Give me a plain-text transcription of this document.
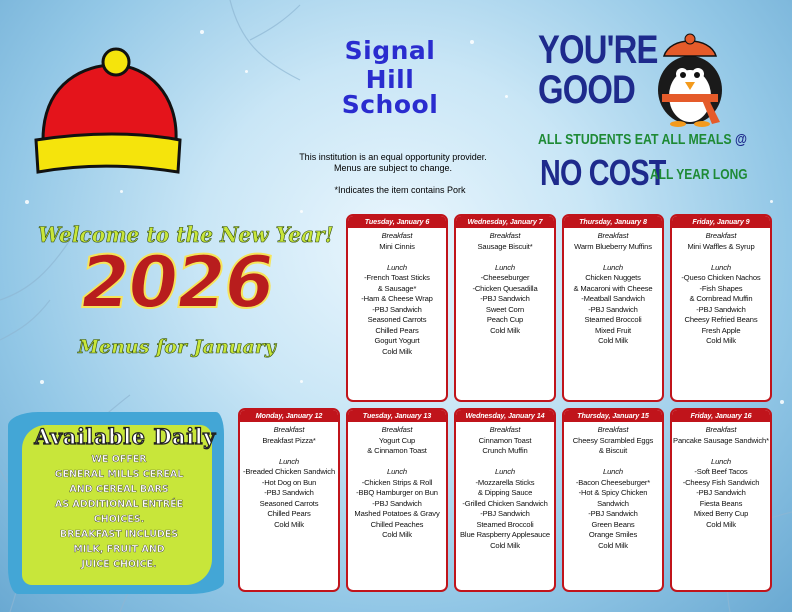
Signal Hill
School
This institution is an equal opportunity provider.
Menus are subject to change.
*Indicates the item contains Pork
YOU'RE
GOOD
ALL STUDENTS EAT ALL MEALS @
NO COST
ALL YEAR LONG
Welcome to the New Year!
2026
Menus for January
Available Daily
WE OFFER
GENERAL MILLS CEREAL
AND CEREAL BARS
AS ADDITIONAL ENTRÉE
CHOICES.
BREAKFAST INCLUDES
MILK, FRUIT AND
JUICE CHOICE.
Tuesday, January 6
Breakfast
Mini Cinnis
Lunch
-French Toast Sticks
& Sausage*
-Ham & Cheese Wrap
-PBJ Sandwich
Seasoned Carrots
Chilled Pears
Gogurt Yogurt
Cold Milk
Wednesday, January 7
Breakfast
Sausage Biscuit*
Lunch
-Cheeseburger
-Chicken Quesadilla
-PBJ Sandwich
Sweet Corn
Peach Cup
Cold Milk
Thursday, January 8
Breakfast
Warm Blueberry Muffins
Lunch
Chicken Nuggets
& Macaroni with Cheese
-Meatball Sandwich
-PBJ Sandwich
Steamed Broccoli
Mixed Fruit
Cold Milk
Friday, January 9
Breakfast
Mini Waffles & Syrup
Lunch
-Queso Chicken Nachos
-Fish Shapes
& Cornbread Muffin
-PBJ Sandwich
Cheesy Refried Beans
Fresh Apple
Cold Milk
Monday, January 12
Breakfast
Breakfast Pizza*
Lunch
-Breaded Chicken Sandwich
-Hot Dog on Bun
-PBJ Sandwich
Seasoned Carrots
Chilled Pears
Cold Milk
Tuesday, January 13
Breakfast
Yogurt Cup
& Cinnamon Toast
Lunch
-Chicken Strips & Roll
-BBQ Hamburger on Bun
-PBJ Sandwich
Mashed Potatoes & Gravy
Chilled Peaches
Cold Milk
Wednesday, January 14
Breakfast
Cinnamon Toast
Crunch Muffin
Lunch
-Mozzarella Sticks
& Dipping Sauce
-Grilled Chicken Sandwich
-PBJ Sandwich
Steamed Broccoli
Blue Raspberry Applesauce
Cold Milk
Thursday, January 15
Breakfast
Cheesy Scrambled Eggs
& Biscuit
Lunch
-Bacon Cheeseburger*
-Hot & Spicy Chicken
Sandwich
-PBJ Sandwich
Green Beans
Orange Smiles
Cold Milk
Friday, January 16
Breakfast
Pancake Sausage Sandwich*
Lunch
-Soft Beef Tacos
-Cheesy Fish Sandwich
-PBJ Sandwich
Fiesta Beans
Mixed Berry Cup
Cold Milk
